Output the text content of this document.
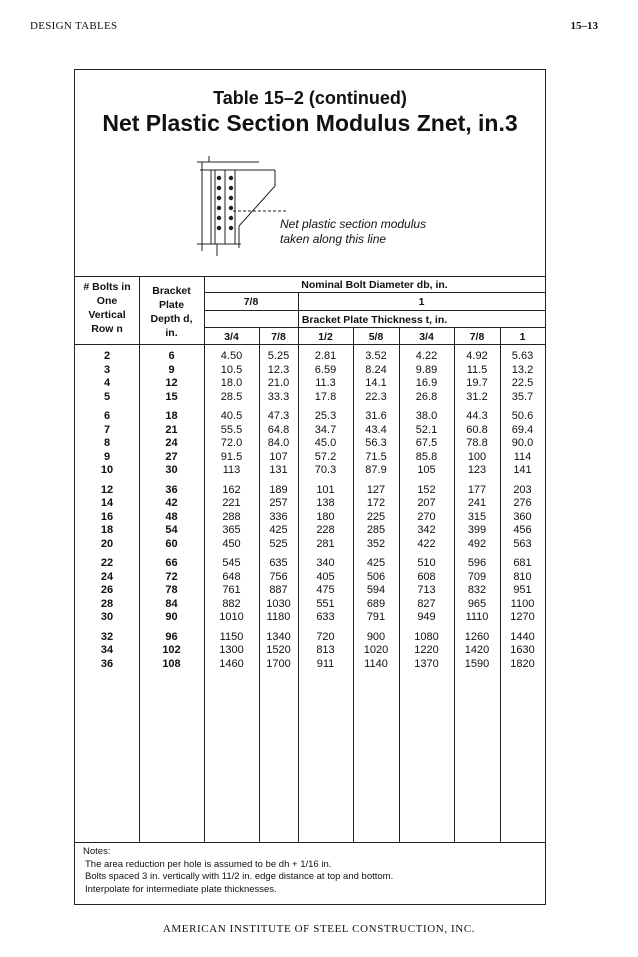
DESIGN TABLES	15–13
Table 15–2 (continued)
Net Plastic Section Modulus Znet, in.3
Net plastic section modulus
taken along this line
# Bolts in
One
Vertical
Row n
Bracket
Plate
Depth d,
in.
Nominal Bolt Diameter db, in.
7/8	1
Bracket Plate Thickness t, in.
3/4	7/8	1/2	5/8	3/4	7/8	1
2	6	4.50	5.25	2.81	3.52	4.22	4.92	5.63
3	9	10.5	12.3	6.59	8.24	9.89	11.5	13.2
4	12	18.0	21.0	11.3	14.1	16.9	19.7	22.5
5	15	28.5	33.3	17.8	22.3	26.8	31.2	35.7
6	18	40.5	47.3	25.3	31.6	38.0	44.3	50.6
7	21	55.5	64.8	34.7	43.4	52.1	60.8	69.4
8	24	72.0	84.0	45.0	56.3	67.5	78.8	90.0
9	27	91.5	107	57.2	71.5	85.8	100	114
10	30	113	131	70.3	87.9	105	123	141
12	36	162	189	101	127	152	177	203
14	42	221	257	138	172	207	241	276
16	48	288	336	180	225	270	315	360
18	54	365	425	228	285	342	399	456
20	60	450	525	281	352	422	492	563
22	66	545	635	340	425	510	596	681
24	72	648	756	405	506	608	709	810
26	78	761	887	475	594	713	832	951
28	84	882	1030	551	689	827	965	1100
30	90	1010	1180	633	791	949	1110	1270
32	96	1150	1340	720	900	1080	1260	1440
34	102	1300	1520	813	1020	1220	1420	1630
36	108	1460	1700	911	1140	1370	1590	1820
Notes:
The area reduction per hole is assumed to be dh + 1/16 in.
Bolts spaced 3 in. vertically with 11/2 in. edge distance at top and bottom.
Interpolate for intermediate plate thicknesses.
AMERICAN INSTITUTE OF STEEL CONSTRUCTION, INC.
